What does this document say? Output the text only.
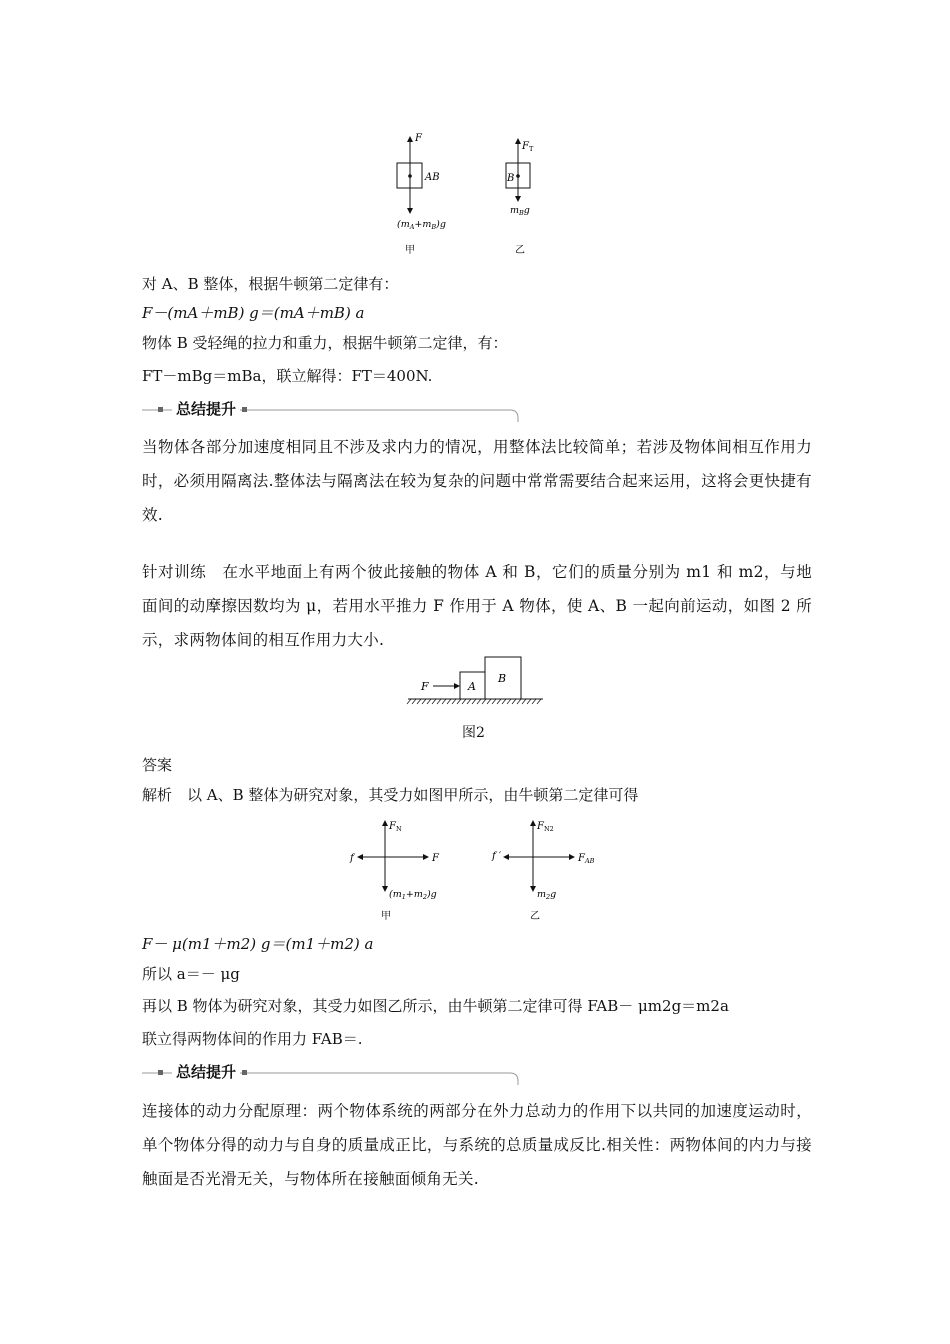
F
AB
$(m_A+m_B)g$
甲
$F_T$
B
$m_Bg$
乙
对 A、B 整体，根据牛顿第二定律有：
F－(mA＋mB) g＝(mA＋mB) a
物体 B 受轻绳的拉力和重力，根据牛顿第二定律，有：
FT－mBg＝mBa，联立解得：FT＝400N.
总结提升
当物体各部分加速度相同且不涉及求内力的情况，用整体法比较简单；若涉及物体间相互作用力时，必须用隔离法.整体法与隔离法在较为复杂的问题中常常需要结合起来运用，这将会更快捷有效.
针对训练　在水平地面上有两个彼此接触的物体 A 和 B，它们的质量分别为 m1 和 m2，与地面间的动摩擦因数均为 μ，若用水平推力 F 作用于 A 物体，使 A、B 一起向前运动，如图 2 所示，求两物体间的相互作用力大小.
F	A
B
图2
答案
解析　以 A、B 整体为研究对象，其受力如图甲所示，由牛顿第二定律可得
$F_N$
f	F
$(m_1+m_2)g$
甲
$F_{N2}$
f ′	$F_{AB}$
$m_2g$
乙
F－ μ(m1＋m2) g＝(m1＋m2) a
所以 a＝－ μg
再以 B 物体为研究对象，其受力如图乙所示，由牛顿第二定律可得 FAB－ μm2g＝m2a
联立得两物体间的作用力 FAB＝.
总结提升
连接体的动力分配原理：两个物体系统的两部分在外力总动力的作用下以共同的加速度运动时，单个物体分得的动力与自身的质量成正比，与系统的总质量成反比.相关性：两物体间的内力与接触面是否光滑无关，与物体所在接触面倾角无关.
